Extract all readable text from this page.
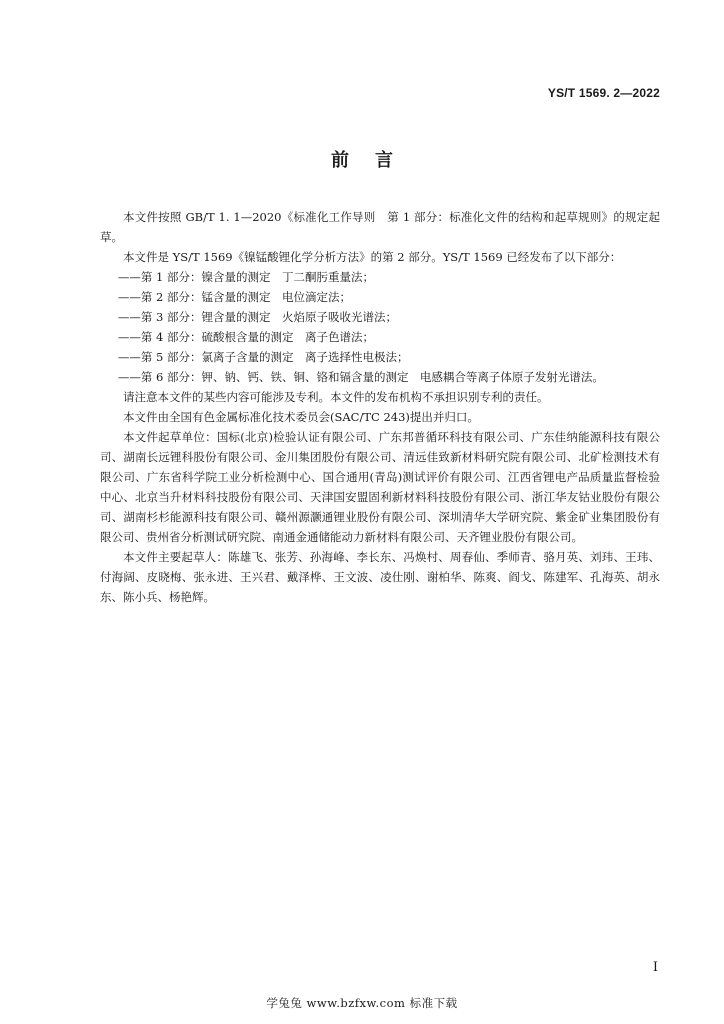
YS/T 1569. 2—2022
前言

本文件按照 GB/T 1. 1—2020《标准化工作导则　第 1 部分：标准化文件的结构和起草规则》的规定起草。

本文件是 YS/T 1569《镍锰酸锂化学分析方法》的第 2 部分。YS/T 1569 已经发布了以下部分：

——第 1 部分：镍含量的测定　丁二酮肟重量法；

——第 2 部分：锰含量的测定　电位滴定法；

——第 3 部分：锂含量的测定　火焰原子吸收光谱法；

——第 4 部分：硫酸根含量的测定　离子色谱法；

——第 5 部分：氯离子含量的测定　离子选择性电极法；

——第 6 部分：钾、钠、钙、铁、铜、铬和镉含量的测定　电感耦合等离子体原子发射光谱法。

请注意本文件的某些内容可能涉及专利。本文件的发布机构不承担识别专利的责任。

本文件由全国有色金属标准化技术委员会(SAC/TC 243)提出并归口。

本文件起草单位：国标(北京)检验认证有限公司、广东邦普循环科技有限公司、广东佳纳能源科技有限公司、湖南长远锂科股份有限公司、金川集团股份有限公司、清远佳致新材料研究院有限公司、北矿检测技术有限公司、广东省科学院工业分析检测中心、国合通用(青岛)测试评价有限公司、江西省锂电产品质量监督检验中心、北京当升材料科技股份有限公司、天津国安盟固利新材料科技股份有限公司、浙江华友钴业股份有限公司、湖南杉杉能源科技有限公司、赣州源灏通锂业股份有限公司、深圳清华大学研究院、紫金矿业集团股份有限公司、贵州省分析测试研究院、南通金通储能动力新材料有限公司、天齐锂业股份有限公司。

本文件主要起草人：陈雄飞、张芳、孙海峰、李长东、冯焕村、周春仙、季师青、骆月英、刘玮、王玮、付海阔、皮晓梅、张永进、王兴君、戴泽桦、王文波、凌仕刚、谢柏华、陈爽、阎戈、陈建军、孔海英、胡永东、陈小兵、杨艳辉。

I
学兔兔 www.bzfxw.com 标准下载
